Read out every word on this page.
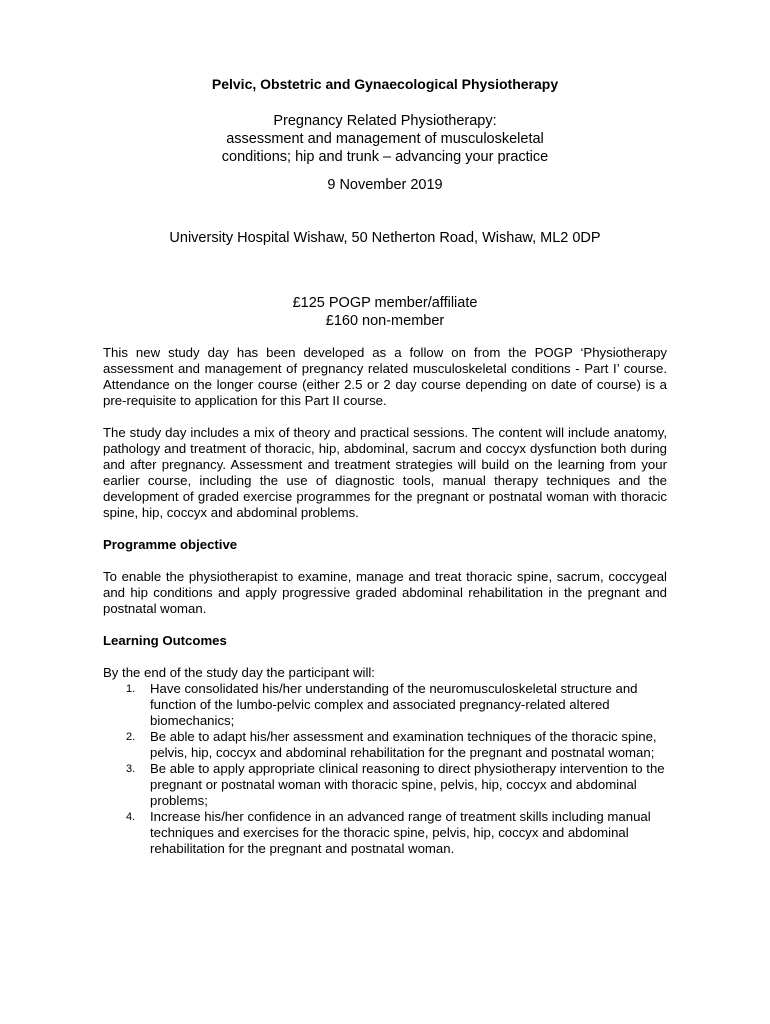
Pelvic, Obstetric and Gynaecological Physiotherapy
Pregnancy Related Physiotherapy:
assessment and management of musculoskeletal
conditions; hip and trunk – advancing your practice
9 November 2019
University Hospital Wishaw, 50 Netherton Road, Wishaw, ML2 0DP
£125 POGP member/affiliate
£160 non-member

This new study day has been developed as a follow on from the POGP ‘Physiotherapy assessment and management of pregnancy related musculoskeletal conditions - Part I’ course. Attendance on the longer course (either 2.5 or 2 day course depending on date of course) is a pre-requisite to application for this Part II course.

The study day includes a mix of theory and practical sessions. The content will include anatomy, pathology and treatment of thoracic, hip, abdominal, sacrum and coccyx dysfunction both during and after pregnancy. Assessment and treatment strategies will build on the learning from your earlier course, including the use of diagnostic tools, manual therapy techniques and the development of graded exercise programmes for the pregnant or postnatal woman with thoracic spine, hip, coccyx and abdominal problems.

Programme objective

To enable the physiotherapist to examine, manage and treat thoracic spine, sacrum, coccygeal and hip conditions and apply progressive graded abdominal rehabilitation in the pregnant and postnatal woman.

Learning Outcomes

By the end of the study day the participant will:

1. Have consolidated his/her understanding of the neuromusculoskeletal structure and function of the lumbo-pelvic complex and associated pregnancy-related altered biomechanics;
2. Be able to adapt his/her assessment and examination techniques of the thoracic spine, pelvis, hip, coccyx and abdominal rehabilitation for the pregnant and postnatal woman;
3. Be able to apply appropriate clinical reasoning to direct physiotherapy intervention to the pregnant or postnatal woman with thoracic spine, pelvis, hip, coccyx and abdominal problems;
4. Increase his/her confidence in an advanced range of treatment skills including manual techniques and exercises for the thoracic spine, pelvis, hip, coccyx and abdominal rehabilitation for the pregnant and postnatal woman.
